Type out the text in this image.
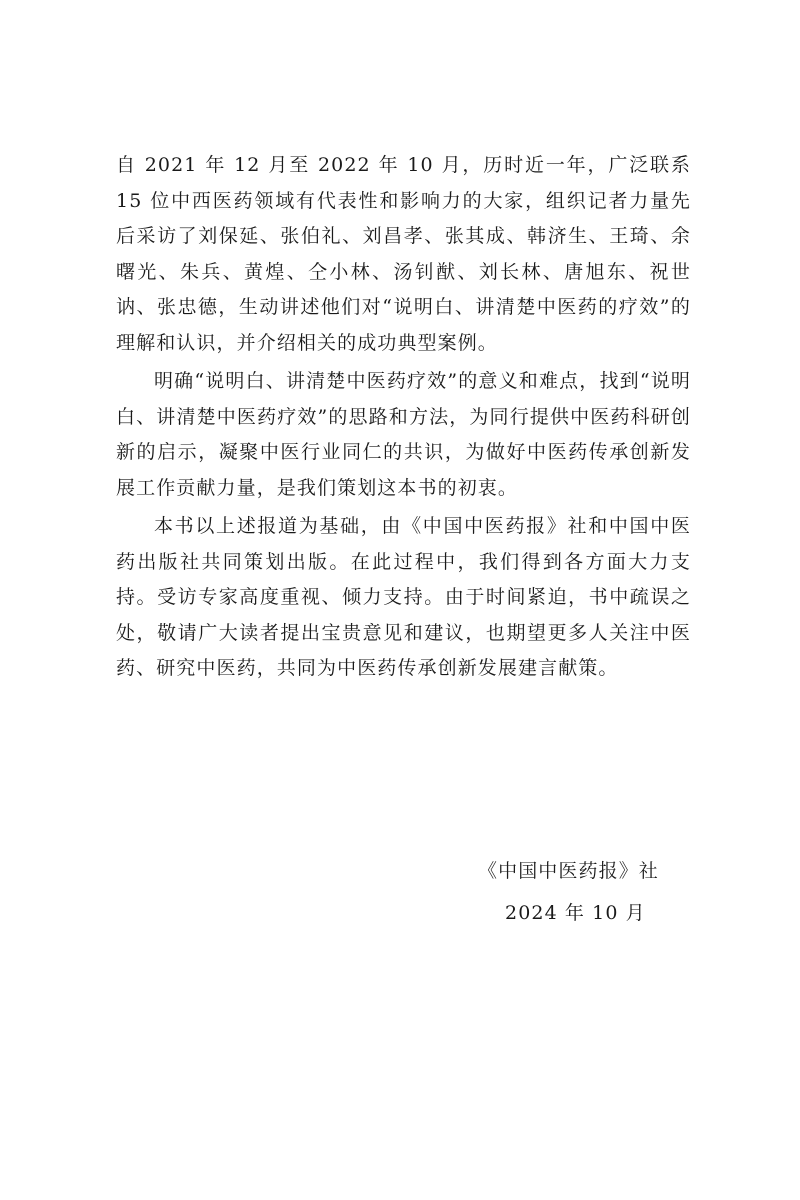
自 2021 年 12 月至 2022 年 10 月，历时近一年，广泛联系 15 位中西医药领域有代表性和影响力的大家，组织记者力量先后采访了刘保延、张伯礼、刘昌孝、张其成、韩济生、王琦、余曙光、朱兵、黄煌、仝小林、汤钊猷、刘长林、唐旭东、祝世讷、张忠德，生动讲述他们对“说明白、讲清楚中医药的疗效”的理解和认识，并介绍相关的成功典型案例。

明确“说明白、讲清楚中医药疗效”的意义和难点，找到“说明白、讲清楚中医药疗效”的思路和方法，为同行提供中医药科研创新的启示，凝聚中医行业同仁的共识，为做好中医药传承创新发展工作贡献力量，是我们策划这本书的初衷。

本书以上述报道为基础，由《中国中医药报》社和中国中医药出版社共同策划出版。在此过程中，我们得到各方面大力支持。受访专家高度重视、倾力支持。由于时间紧迫，书中疏误之处，敬请广大读者提出宝贵意见和建议，也期望更多人关注中医药、研究中医药，共同为中医药传承创新发展建言献策。

《中国中医药报》社

2024 年 10 月
